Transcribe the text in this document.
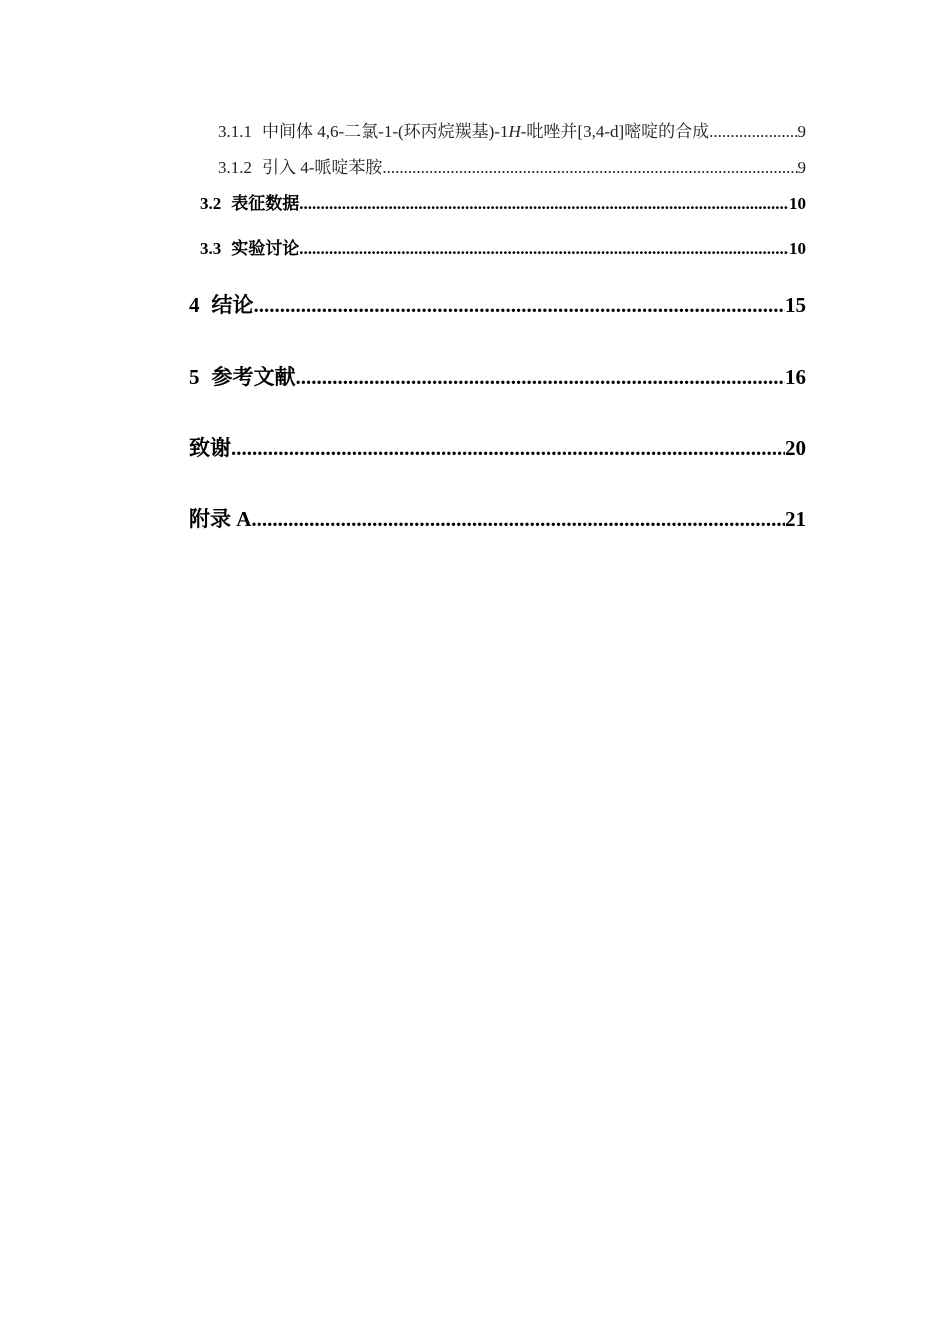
3.1.1 中间体 4,6-二氯-1-(环丙烷羰基)-1H-吡唑并[3,4-d]嘧啶的合成 .....	9
3.1.2 引入 4-哌啶苯胺 .....	9
3.2 表征数据 .....	10
3.3 实验讨论 .....	10
4 结论 .....	15
5 参考文献 .....	16
致谢 .....	20
附录 A .....	21
